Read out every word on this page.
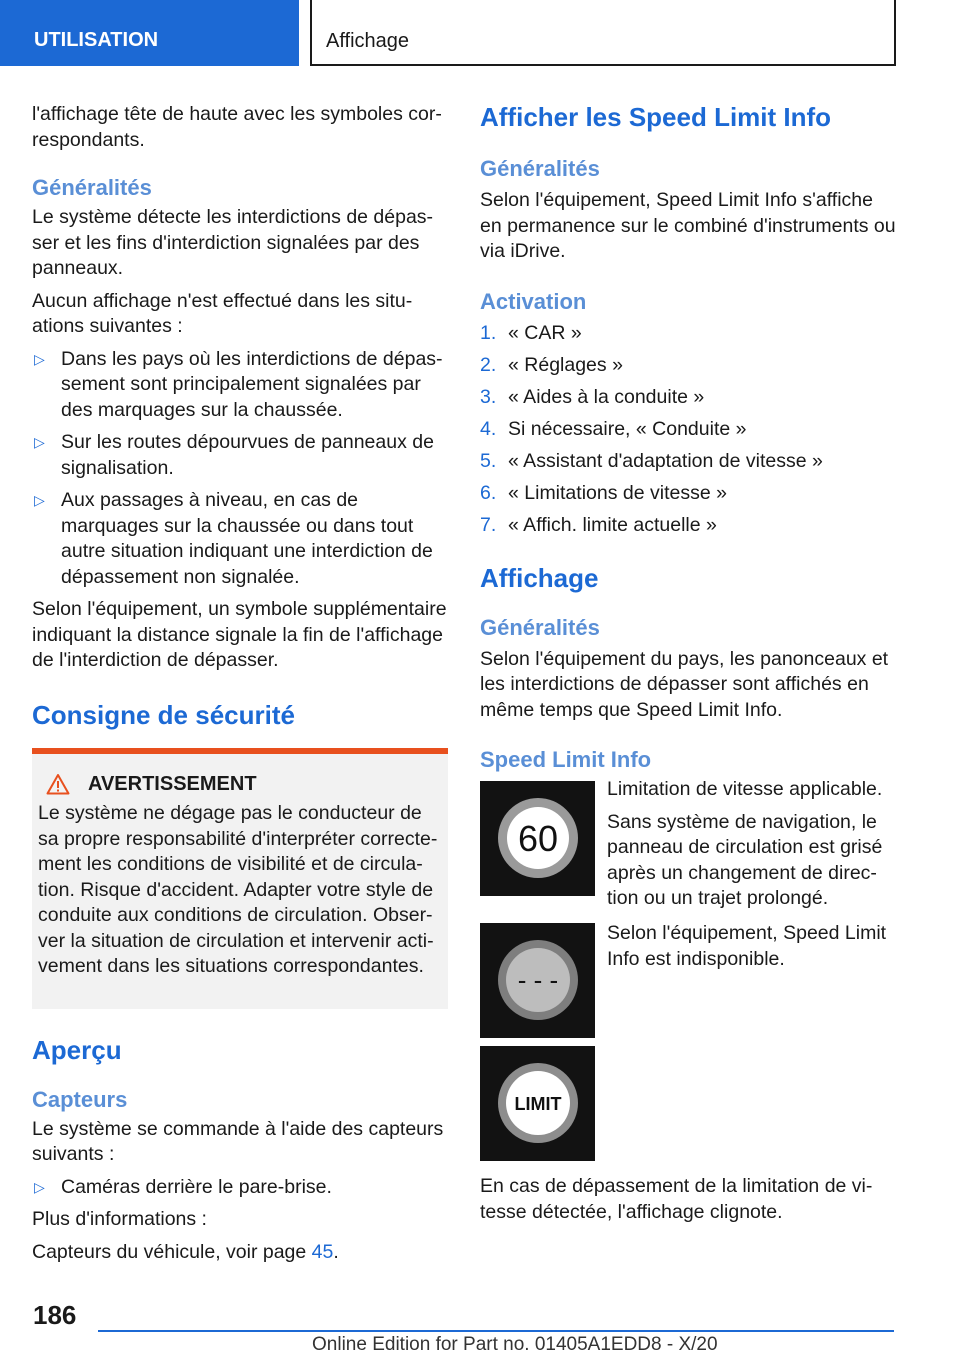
UTILISATION	Affichage

l'affichage tête de haute avec les symboles cor-respondants.

Généralités

Le système détecte les interdictions de dépas-ser et les fins d'interdiction signalées par des panneaux.

Aucun affichage n'est effectué dans les situ-ations suivantes :

▷ Dans les pays où les interdictions de dépas-sement sont principalement signalées par des marquages sur la chaussée.
▷ Sur les routes dépourvues de panneaux de signalisation.
▷ Aux passages à niveau, en cas de marquages sur la chaussée ou dans tout autre situation indiquant une interdiction de dépassement non signalée.

Selon l'équipement, un symbole supplémentaire indiquant la distance signale la fin de l'affichage de l'interdiction de dépasser.

Consigne de sécurité
AVERTISSEMENT

Le système ne dégage pas le conducteur de sa propre responsabilité d'interpréter correcte-ment les conditions de visibilité et de circula-tion. Risque d'accident. Adapter votre style de conduite aux conditions de circulation. Obser-ver la situation de circulation et intervenir acti-vement dans les situations correspondantes.

Aperçu
Capteurs

Le système se commande à l'aide des capteurs suivants :

▷ Caméras derrière le pare-brise.

Plus d'informations :

Capteurs du véhicule, voir page 45.

Afficher les Speed Limit Info
Généralités

Selon l'équipement, Speed Limit Info s'affiche en permanence sur le combiné d'instruments ou via iDrive.

Activation
1. « CAR »
2. « Réglages »
3. « Aides à la conduite »
4. Si nécessaire, « Conduite »
5. « Assistant d'adaptation de vitesse »
6. « Limitations de vitesse »
7. « Affich. limite actuelle »
Affichage
Généralités

Selon l'équipement du pays, les panonceaux et les interdictions de dépasser sont affichés en même temps que Speed Limit Info.

Speed Limit Info
60

Limitation de vitesse applicable.

Sans système de navigation, le panneau de circulation est grisé après un changement de direc-tion ou un trajet prolongé.

- - -

Selon l'équipement, Speed Limit Info est indisponible.

LIMIT

En cas de dépassement de la limitation de vi-tesse détectée, l'affichage clignote.

186
Online Edition for Part no. 01405A1EDD8 - X/20
